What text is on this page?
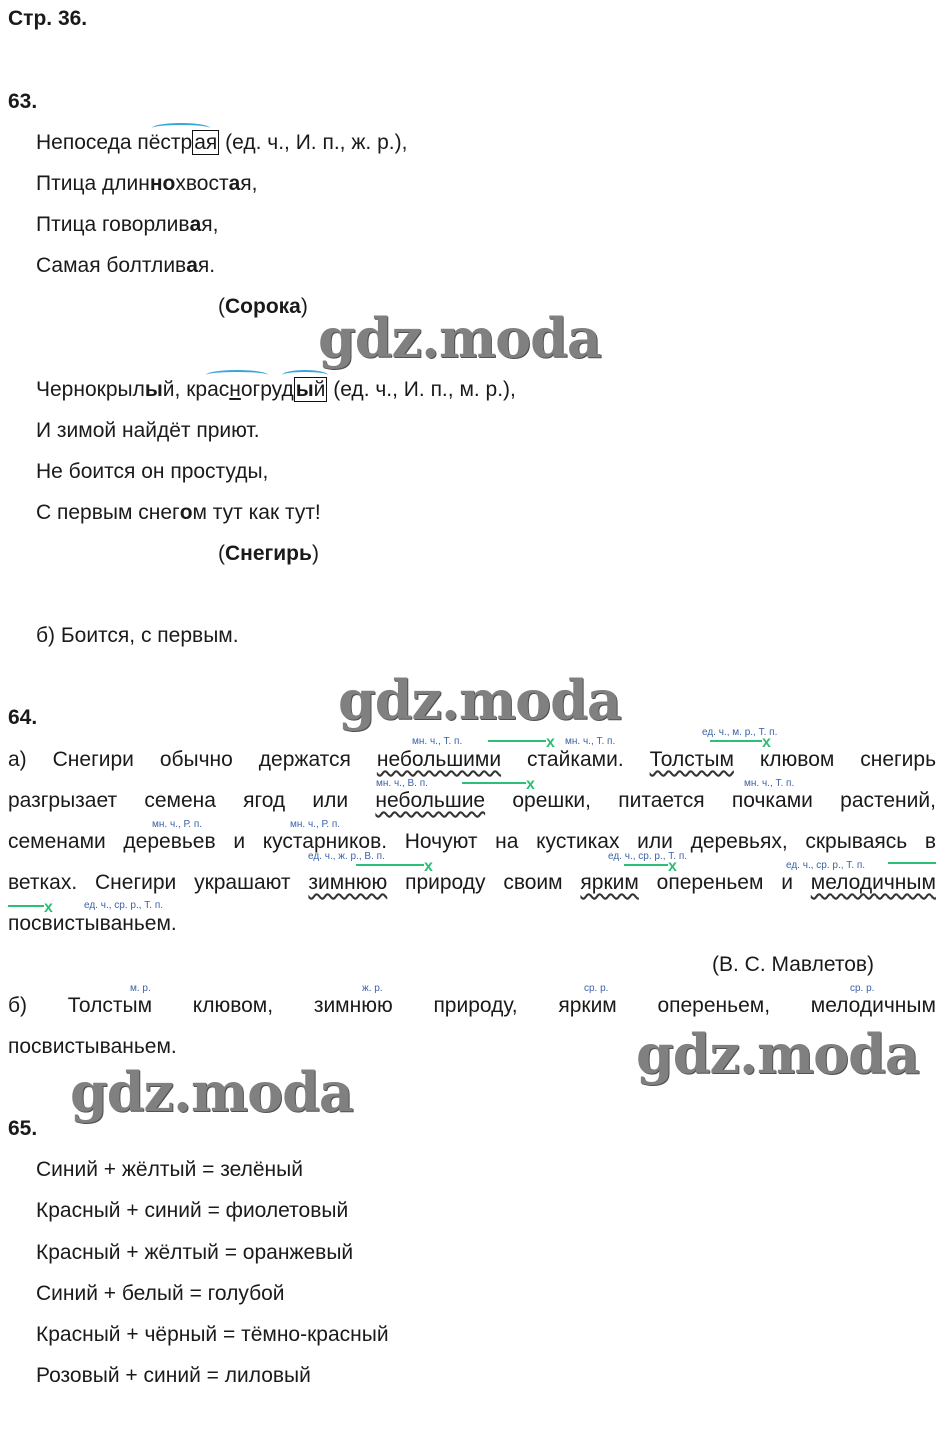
Стр. 36.
63.
Непоседа пёстрая (ед. ч., И. п., ж. р.),
Птица длиннохвостая,
Птица говорливая,
Самая болтливая.
(Сорока) gdz.moda
Чернокрылый, красногрудый (ед. ч., И. п., м. р.),
И зимой найдёт приют.
Не боится он простуды,
С первым снегом тут как тут!
(Снегирь)
б) Боится, с первым.
gdz.moda
64.
мн. ч., Т. п.	мн. ч., Т. п.
ед. ч., м. р., Т. п.
мн. ч., В. п.	мн. ч., Т. п.
мн. ч., Р. п.	мн. ч., Р. п.
ед. ч., ж. р., В. п.	ед. ч., ср. р., Т. п.
ед. ч., ср. р., Т. п.
ед. ч., ср. р., Т. п.
x	x
x
x	x
x
а) Снегири обычно держатся небольшими стайками. Толстым клювом снегирь
разгрызает семена ягод или небольшие орешки, питается почками растений,
семенами деревьев и кустарников. Ночуют на кустиках или деревьях, скрываясь в
ветках. Снегири украшают зимнюю природу своим ярким опереньем и мелодичным
посвистываньем.
(В. С. Мавлетов)
м. р.	ж. р.	ср. р.	ср. р.
б) Толстым клювом, зимнюю природу, ярким опереньем, мелодичным
посвистываньем.	gdz.moda
gdz.moda
65.
Синий + жёлтый = зелёный
Красный + синий = фиолетовый
Красный + жёлтый = оранжевый
Синий + белый = голубой
Красный + чёрный = тёмно-красный
Розовый + синий = лиловый
